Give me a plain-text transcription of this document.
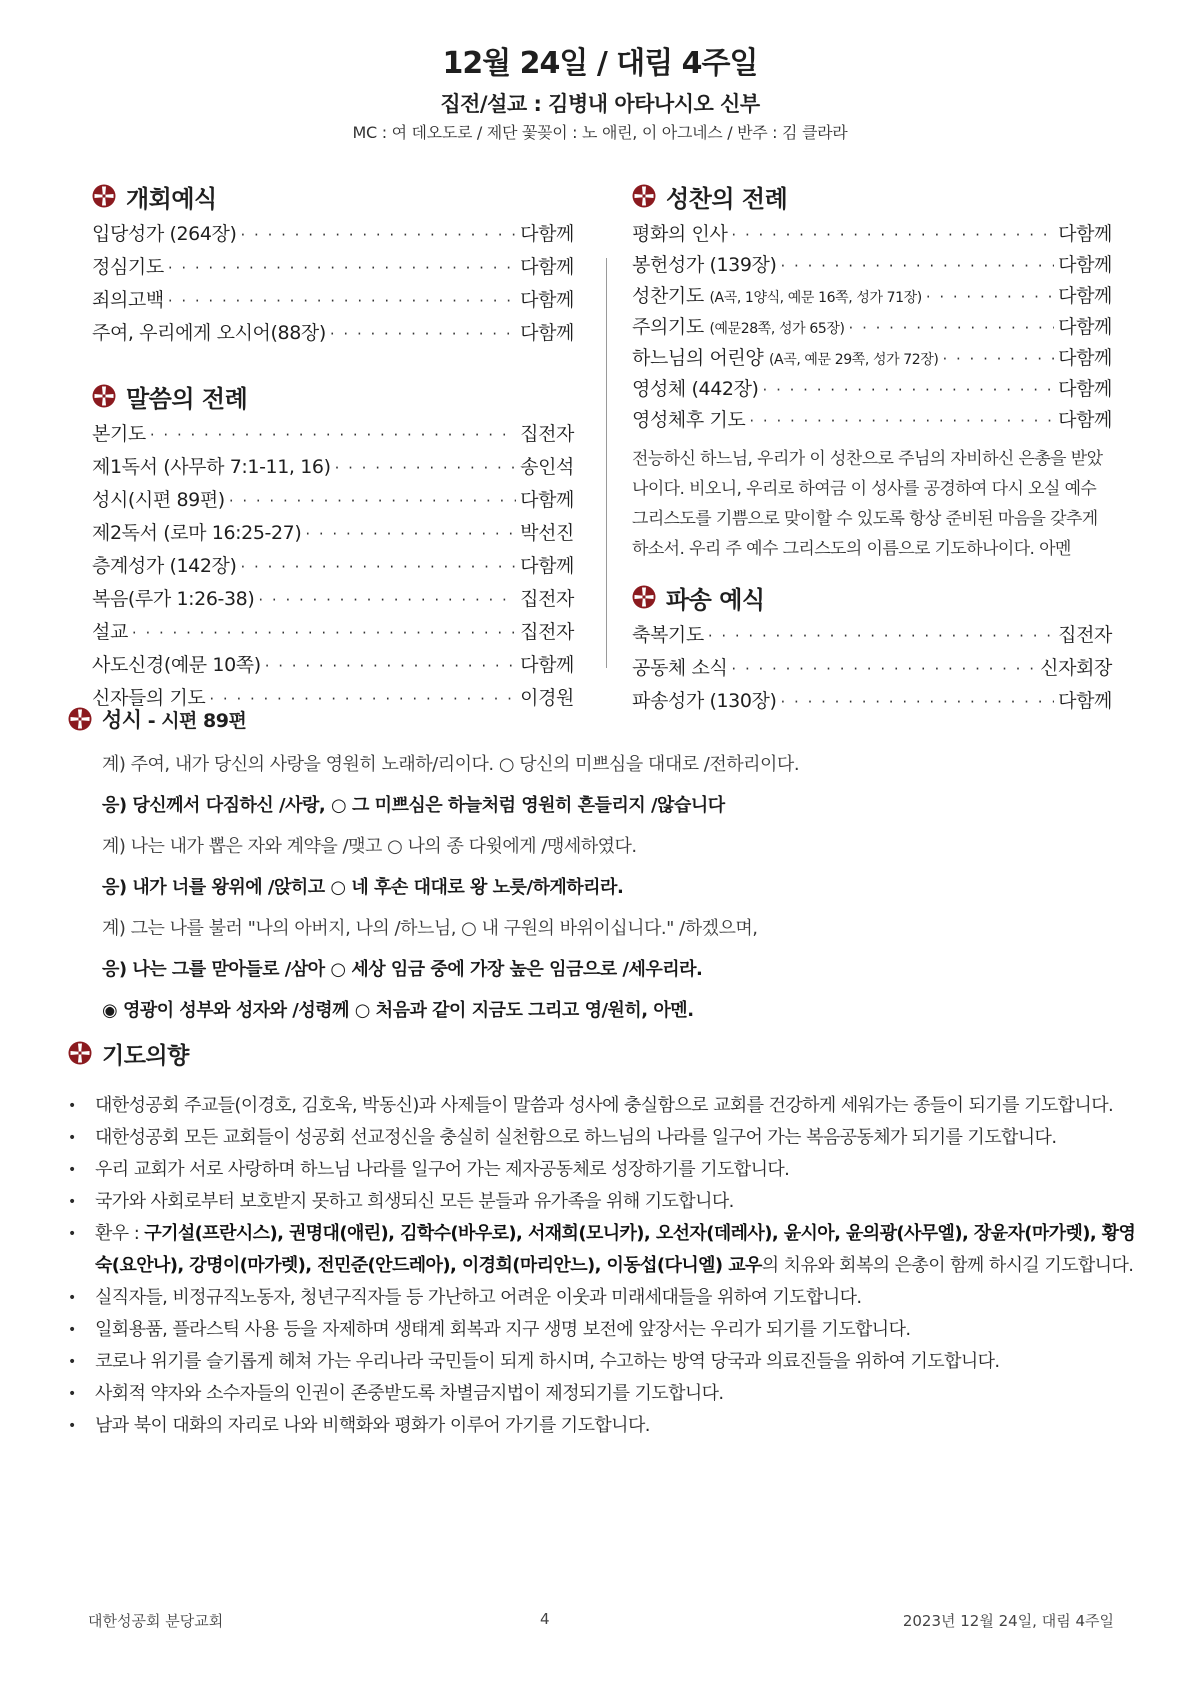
12월 24일 / 대림 4주일
집전/설교 : 김병내 아타나시오 신부
MC : 여 데오도로 / 제단 꽃꽂이 : 노 애린, 이 아그네스 / 반주 : 김 클라라
개회예식
입당성가 (264장) · · ·	다함께
정심기도 · · ·	다함께
죄의고백 · · ·	다함께
주여, 우리에게 오시어(88장) · · ·	다함께
말씀의 전례
본기도 · · ·	집전자
제1독서 (사무하 7:1-11, 16) · · ·	송인석
성시(시편 89편) · · ·	다함께
제2독서 (로마 16:25-27) · · ·	박선진
층계성가 (142장) · · ·	다함께
복음(루가 1:26-38) · · ·	집전자
설교 · · ·	집전자
사도신경(예문 10쪽) · · ·	다함께
신자들의 기도 · · ·	이경원
성찬의 전례
평화의 인사 · · ·	다함께
봉헌성가 (139장) · · ·	다함께
성찬기도 (A곡, 1양식, 예문 16쪽, 성가 71장) · · ·	다함께
주의기도 (예문28쪽, 성가 65장) · · ·	다함께
하느님의 어린양 (A곡, 예문 29쪽, 성가 72장) · · ·	다함께
영성체 (442장) · · ·	다함께
영성체후 기도 · · ·	다함께
전능하신 하느님, 우리가 이 성찬으로 주님의 자비하신 은총을 받았나이다. 비오니, 우리로 하여금 이 성사를 공경하여 다시 오실 예수 그리스도를 기쁨으로 맞이할 수 있도록 항상 준비된 마음을 갖추게 하소서. 우리 주 예수 그리스도의 이름으로 기도하나이다. 아멘
파송 예식
축복기도 · · ·	집전자
공동체 소식 · · ·	신자회장
파송성가 (130장) · · ·	다함께
성시 - 시편 89편
계) 주여, 내가 당신의 사랑을 영원히 노래하/리이다. ○ 당신의 미쁘심을 대대로 /전하리이다.
응) 당신께서 다짐하신 /사랑, ○ 그 미쁘심은 하늘처럼 영원히 흔들리지 /않습니다
계) 나는 내가 뽑은 자와 계약을 /맺고 ○ 나의 종 다윗에게 /맹세하였다.
응) 내가 너를 왕위에 /앉히고 ○ 네 후손 대대로 왕 노릇/하게하리라.
계) 그는 나를 불러 "나의 아버지, 나의 /하느님, ○ 내 구원의 바위이십니다." /하겠으며,
응) 나는 그를 맏아들로 /삼아 ○ 세상 임금 중에 가장 높은 임금으로 /세우리라.
◉ 영광이 성부와 성자와 /성령께 ○ 처음과 같이 지금도 그리고 영/원히, 아멘.
기도의향
• 대한성공회 주교들(이경호, 김호욱, 박동신)과 사제들이 말씀과 성사에 충실함으로 교회를 건강하게 세워가는 종들이 되기를 기도합니다.
• 대한성공회 모든 교회들이 성공회 선교정신을 충실히 실천함으로 하느님의 나라를 일구어 가는 복음공동체가 되기를 기도합니다.
• 우리 교회가 서로 사랑하며 하느님 나라를 일구어 가는 제자공동체로 성장하기를 기도합니다.
• 국가와 사회로부터 보호받지 못하고 희생되신 모든 분들과 유가족을 위해 기도합니다.
• 환우 : 구기설(프란시스), 권명대(애린), 김학수(바우로), 서재희(모니카), 오선자(데레사), 윤시아, 윤의광(사무엘), 장윤자(마가렛), 황영숙(요안나), 강명이(마가렛), 전민준(안드레아), 이경희(마리안느), 이동섭(다니엘) 교우의 치유와 회복의 은총이 함께 하시길 기도합니다.
• 실직자들, 비정규직노동자, 청년구직자들 등 가난하고 어려운 이웃과 미래세대들을 위하여 기도합니다.
• 일회용품, 플라스틱 사용 등을 자제하며 생태계 회복과 지구 생명 보전에 앞장서는 우리가 되기를 기도합니다.
• 코로나 위기를 슬기롭게 헤쳐 가는 우리나라 국민들이 되게 하시며, 수고하는 방역 당국과 의료진들을 위하여 기도합니다.
• 사회적 약자와 소수자들의 인권이 존중받도록 차별금지법이 제정되기를 기도합니다.
• 남과 북이 대화의 자리로 나와 비핵화와 평화가 이루어 가기를 기도합니다.
대한성공회 분당교회	4	2023년 12월 24일, 대림 4주일
